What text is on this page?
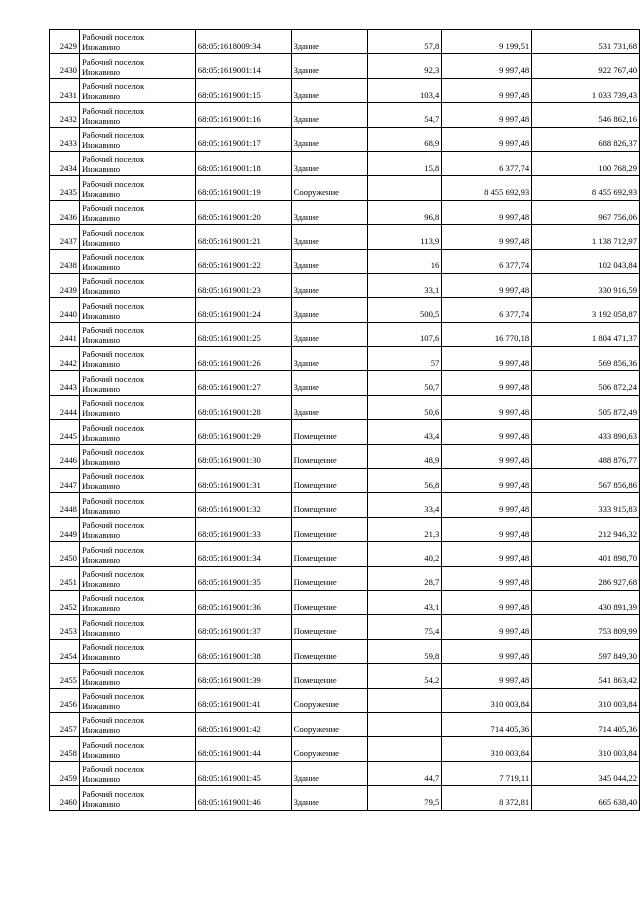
2429	Рабочий поселок
Инжавино	68:05:1618009:34	Здание	57,8	9 199,51	531 731,68
2430	Рабочий поселок
Инжавино	68:05:1619001:14	Здание	92,3	9 997,48	922 767,40
2431	Рабочий поселок
Инжавино	68:05:1619001:15	Здание	103,4	9 997,48	1 033 739,43
2432	Рабочий поселок
Инжавино	68:05:1619001:16	Здание	54,7	9 997,48	546 862,16
2433	Рабочий поселок
Инжавино	68:05:1619001:17	Здание	68,9	9 997,48	688 826,37
2434	Рабочий поселок
Инжавино	68:05:1619001:18	Здание	15,8	6 377,74	100 768,29
2435	Рабочий поселок
Инжавино	68:05:1619001:19	Сооружение		8 455 692,93	8 455 692,93
2436	Рабочий поселок
Инжавино	68:05:1619001:20	Здание	96,8	9 997,48	967 756,06
2437	Рабочий поселок
Инжавино	68:05:1619001:21	Здание	113,9	9 997,48	1 138 712,97
2438	Рабочий поселок
Инжавино	68:05:1619001:22	Здание	16	6 377,74	102 043,84
2439	Рабочий поселок
Инжавино	68:05:1619001:23	Здание	33,1	9 997,48	330 916,59
2440	Рабочий поселок
Инжавино	68:05:1619001:24	Здание	500,5	6 377,74	3 192 058,87
2441	Рабочий поселок
Инжавино	68:05:1619001:25	Здание	107,6	16 770,18	1 804 471,37
2442	Рабочий поселок
Инжавино	68:05:1619001:26	Здание	57	9 997,48	569 856,36
2443	Рабочий поселок
Инжавино	68:05:1619001:27	Здание	50,7	9 997,48	506 872,24
2444	Рабочий поселок
Инжавино	68:05:1619001:28	Здание	50,6	9 997,48	505 872,49
2445	Рабочий поселок
Инжавино	68:05:1619001:29	Помещение	43,4	9 997,48	433 890,63
2446	Рабочий поселок
Инжавино	68:05:1619001:30	Помещение	48,9	9 997,48	488 876,77
2447	Рабочий поселок
Инжавино	68:05:1619001:31	Помещение	56,8	9 997,48	567 856,86
2448	Рабочий поселок
Инжавино	68:05:1619001:32	Помещение	33,4	9 997,48	333 915,83
2449	Рабочий поселок
Инжавино	68:05:1619001:33	Помещение	21,3	9 997,48	212 946,32
2450	Рабочий поселок
Инжавино	68:05:1619001:34	Помещение	40,2	9 997,48	401 898,70
2451	Рабочий поселок
Инжавино	68:05:1619001:35	Помещение	28,7	9 997,48	286 927,68
2452	Рабочий поселок
Инжавино	68:05:1619001:36	Помещение	43,1	9 997,48	430 891,39
2453	Рабочий поселок
Инжавино	68:05:1619001:37	Помещение	75,4	9 997,48	753 809,99
2454	Рабочий поселок
Инжавино	68:05:1619001:38	Помещение	59,8	9 997,48	597 849,30
2455	Рабочий поселок
Инжавино	68:05:1619001:39	Помещение	54,2	9 997,48	541 863,42
2456	Рабочий поселок
Инжавино	68:05:1619001:41	Сооружение		310 003,84	310 003,84
2457	Рабочий поселок
Инжавино	68:05:1619001:42	Сооружение		714 405,36	714 405,36
2458	Рабочий поселок
Инжавино	68:05:1619001:44	Сооружение		310 003,84	310 003,84
2459	Рабочий поселок
Инжавино	68:05:1619001:45	Здание	44,7	7 719,11	345 044,22
2460	Рабочий поселок
Инжавино	68:05:1619001:46	Здание	79,5	8 372,81	665 638,40
